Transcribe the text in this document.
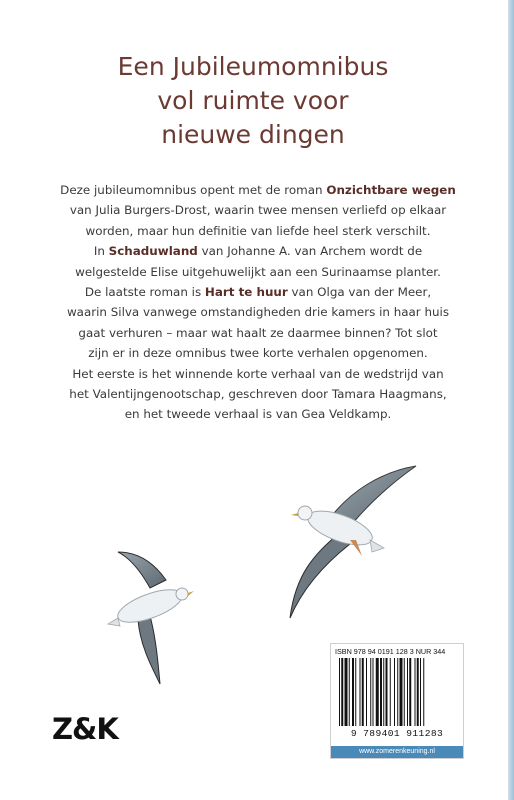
Een Jubileumomnibus
vol ruimte voor
nieuwe dingen
Deze jubileumomnibus opent met de roman Onzichtbare wegen
van Julia Burgers-Drost, waarin twee mensen verliefd op elkaar
worden, maar hun definitie van liefde heel sterk verschilt.
In Schaduwland van Johanne A. van Archem wordt de
welgestelde Elise uitgehuwelijkt aan een Surinaamse planter.
De laatste roman is Hart te huur van Olga van der Meer,
waarin Silva vanwege omstandigheden drie kamers in haar huis
gaat verhuren – maar wat haalt ze daarmee binnen? Tot slot
zijn er in deze omnibus twee korte verhalen opgenomen.
Het eerste is het winnende korte verhaal van de wedstrijd van
het Valentijngenootschap, geschreven door Tamara Haagmans,
en het tweede verhaal is van Gea Veldkamp.
Z&K
ISBN 978 94 0191 128 3 NUR 344
9 789401 911283
www.zomerenkeuning.nl
